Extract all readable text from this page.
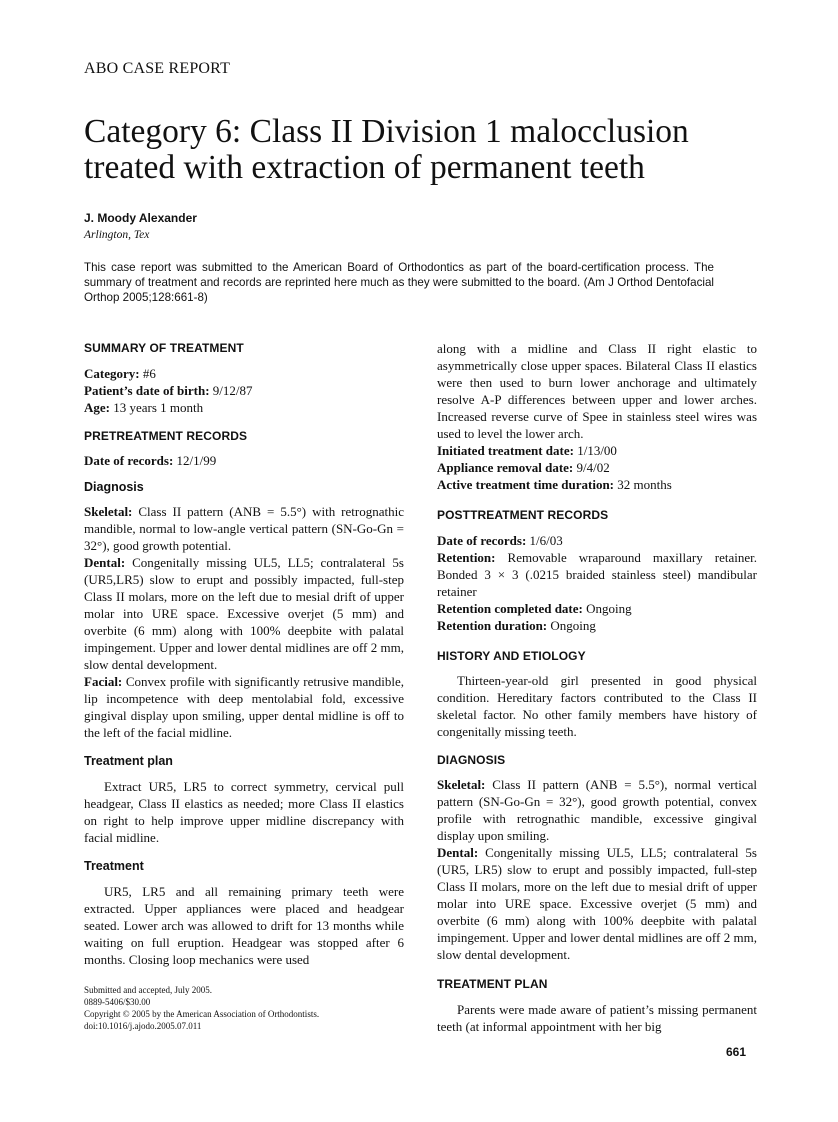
ABO CASE REPORT
Category 6: Class II Division 1 malocclusion
treated with extraction of permanent teeth
J. Moody Alexander
Arlington, Tex
This case report was submitted to the American Board of Orthodontics as part of the board-certification process. The summary of treatment and records are reprinted here much as they were submitted to the board. (Am J Orthod Dentofacial Orthop 2005;128:661-8)
SUMMARY OF TREATMENT

Category: #6

Patient’s date of birth: 9/12/87

Age: 13 years 1 month

PRETREATMENT RECORDS

Date of records: 12/1/99

Diagnosis

Skeletal: Class II pattern (ANB = 5.5°) with retrognathic mandible, normal to low-angle vertical pattern (SN-Go-Gn = 32°), good growth potential.

Dental: Congenitally missing UL5, LL5; contralateral 5s (UR5,LR5) slow to erupt and possibly impacted, full-step Class II molars, more on the left due to mesial drift of upper molar into URE space. Excessive overjet (5 mm) and overbite (6 mm) along with 100% deepbite with palatal impingement. Upper and lower dental midlines are off 2 mm, slow dental development.

Facial: Convex profile with significantly retrusive mandible, lip incompetence with deep mentolabial fold, excessive gingival display upon smiling, upper dental midline is off to the left of the facial midline.

Treatment plan

Extract UR5, LR5 to correct symmetry, cervical pull headgear, Class II elastics as needed; more Class II elastics on right to help improve upper midline discrepancy with facial midline.

Treatment

UR5, LR5 and all remaining primary teeth were extracted. Upper appliances were placed and headgear seated. Lower arch was allowed to drift for 13 months while waiting on full eruption. Headgear was stopped after 6 months. Closing loop mechanics were used

along with a midline and Class II right elastic to asymmetrically close upper spaces. Bilateral Class II elastics were then used to burn lower anchorage and ultimately resolve A-P differences between upper and lower arches. Increased reverse curve of Spee in stainless steel wires was used to level the lower arch.

Initiated treatment date: 1/13/00

Appliance removal date: 9/4/02

Active treatment time duration: 32 months

POSTTREATMENT RECORDS

Date of records: 1/6/03

Retention: Removable wraparound maxillary retainer. Bonded 3 × 3 (.0215 braided stainless steel) mandibular retainer

Retention completed date: Ongoing

Retention duration: Ongoing

HISTORY AND ETIOLOGY

Thirteen-year-old girl presented in good physical condition. Hereditary factors contributed to the Class II skeletal factor. No other family members have history of congenitally missing teeth.

DIAGNOSIS

Skeletal: Class II pattern (ANB = 5.5°), normal vertical pattern (SN-Go-Gn = 32°), good growth potential, convex profile with retrognathic mandible, excessive gingival display upon smiling.

Dental: Congenitally missing UL5, LL5; contralateral 5s (UR5, LR5) slow to erupt and possibly impacted, full-step Class II molars, more on the left due to mesial drift of upper molar into URE space. Excessive overjet (5 mm) and overbite (6 mm) along with 100% deepbite with palatal impingement. Upper and lower dental midlines are off 2 mm, slow dental development.

TREATMENT PLAN

Parents were made aware of patient’s missing permanent teeth (at informal appointment with her big

Submitted and accepted, July 2005.
0889-5406/$30.00
Copyright © 2005 by the American Association of Orthodontists.
doi:10.1016/j.ajodo.2005.07.011
661
